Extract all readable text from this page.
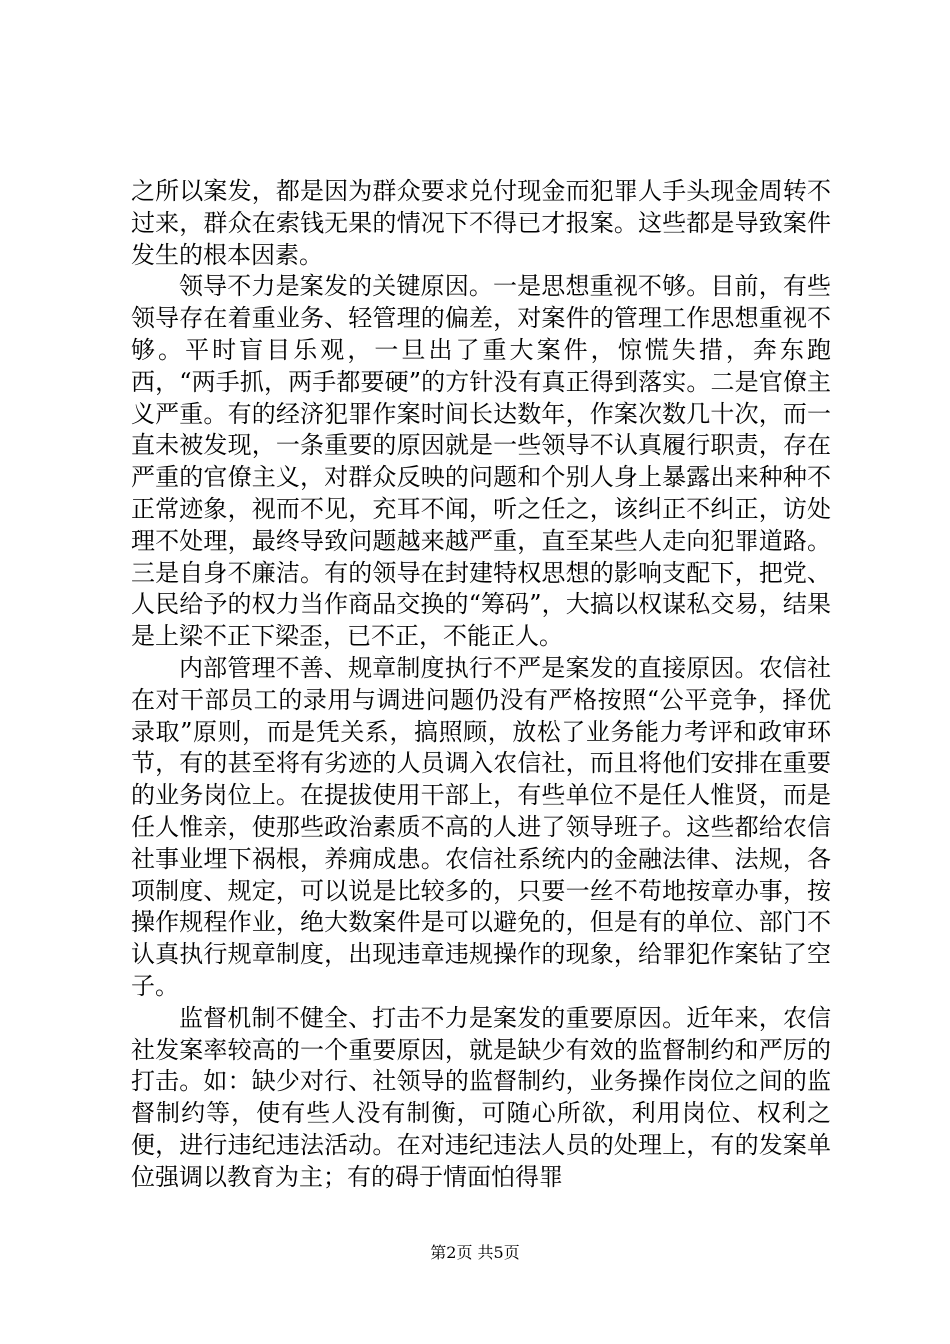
之所以案发，都是因为群众要求兑付现金而犯罪人手头现金周转不过来，群众在索钱无果的情况下不得已才报案。这些都是导致案件发生的根本因素。

领导不力是案发的关键原因。一是思想重视不够。目前，有些领导存在着重业务、轻管理的偏差，对案件的管理工作思想重视不够。平时盲目乐观，一旦出了重大案件，惊慌失措，奔东跑西，“两手抓，两手都要硬”的方针没有真正得到落实。二是官僚主义严重。有的经济犯罪作案时间长达数年，作案次数几十次，而一直未被发现，一条重要的原因就是一些领导不认真履行职责，存在严重的官僚主义，对群众反映的问题和个别人身上暴露出来种种不正常迹象，视而不见，充耳不闻，听之任之，该纠正不纠正，访处理不处理，最终导致问题越来越严重，直至某些人走向犯罪道路。三是自身不廉洁。有的领导在封建特权思想的影响支配下，把党、人民给予的权力当作商品交换的“筹码”，大搞以权谋私交易，结果是上梁不正下梁歪，已不正，不能正人。

内部管理不善、规章制度执行不严是案发的直接原因。农信社在对干部员工的录用与调进问题仍没有严格按照“公平竞争，择优录取”原则，而是凭关系，搞照顾，放松了业务能力考评和政审环节，有的甚至将有劣迹的人员调入农信社，而且将他们安排在重要的业务岗位上。在提拔使用干部上，有些单位不是任人惟贤，而是任人惟亲，使那些政治素质不高的人进了领导班子。这些都给农信社事业埋下祸根，养痈成患。农信社系统内的金融法律、法规，各项制度、规定，可以说是比较多的，只要一丝不苟地按章办事，按操作规程作业，绝大数案件是可以避免的，但是有的单位、部门不认真执行规章制度，出现违章违规操作的现象，给罪犯作案钻了空子。

监督机制不健全、打击不力是案发的重要原因。近年来，农信社发案率较高的一个重要原因，就是缺少有效的监督制约和严厉的打击。如：缺少对行、社领导的监督制约，业务操作岗位之间的监督制约等，使有些人没有制衡，可随心所欲，利用岗位、权利之便，进行违纪违法活动。在对违纪违法人员的处理上，有的发案单位强调以教育为主；有的碍于情面怕得罪

第2页 共5页
